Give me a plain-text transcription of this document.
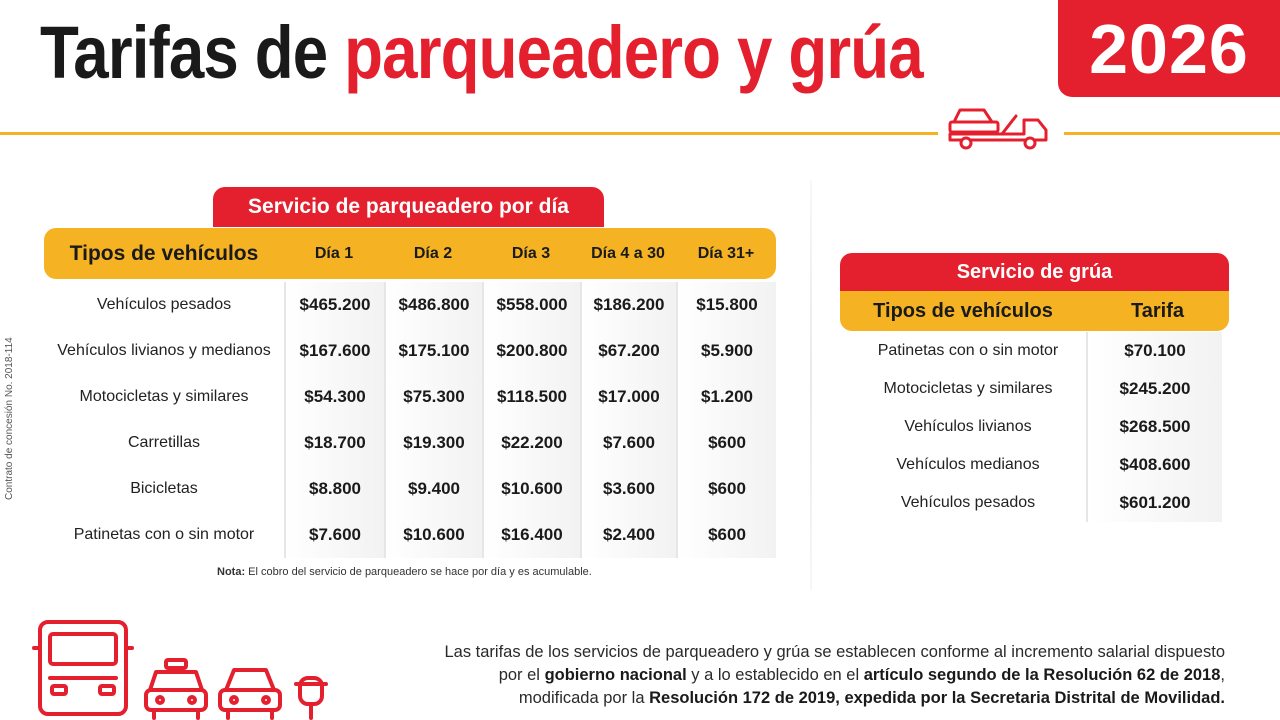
Tarifas de parqueadero y grúa	2026
Contrato de concesión No. 2018-114
Servicio de parqueadero por día
Tipos de vehículos	Día 1	Día 2	Día 3	Día 4 a 30	Día 31+
Vehículos pesados	$465.200	$486.800	$558.000	$186.200	$15.800
Vehículos livianos y medianos	$167.600	$175.100	$200.800	$67.200	$5.900
Motocicletas y similares	$54.300	$75.300	$118.500	$17.000	$1.200
Carretillas	$18.700	$19.300	$22.200	$7.600	$600
Bicicletas	$8.800	$9.400	$10.600	$3.600	$600
Patinetas con o sin motor	$7.600	$10.600	$16.400	$2.400	$600
Nota: El cobro del servicio de parqueadero se hace por día y es acumulable.
Servicio de grúa
Tipos de vehículos	Tarifa
Patinetas con o sin motor	$70.100
Motocicletas y similares	$245.200
Vehículos livianos	$268.500
Vehículos medianos	$408.600
Vehículos pesados	$601.200
Las tarifas de los servicios de parqueadero y grúa se establecen conforme al incremento salarial dispuesto
por el gobierno nacional y a lo establecido en el artículo segundo de la Resolución 62 de 2018,
modificada por la Resolución 172 de 2019, expedida por la Secretaria Distrital de Movilidad.
